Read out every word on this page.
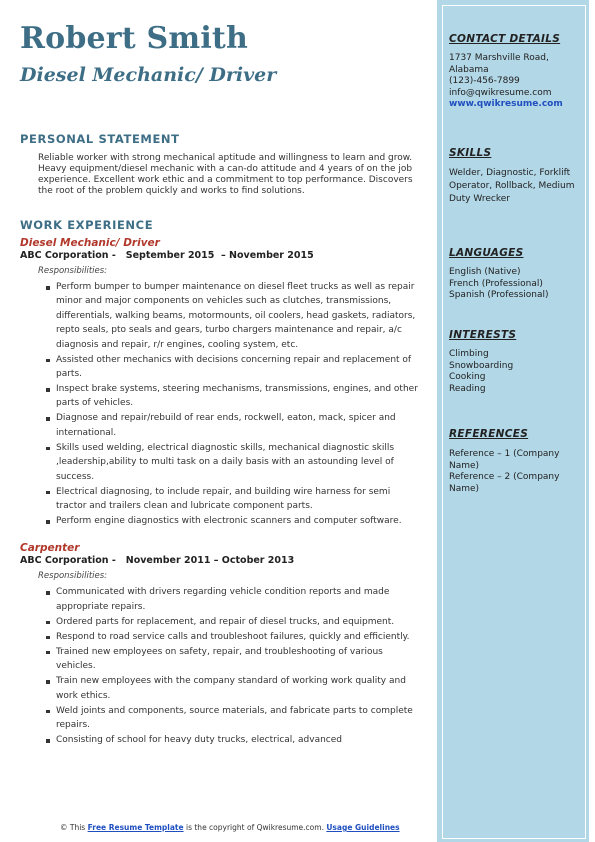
Robert Smith
Diesel Mechanic/ Driver
PERSONAL STATEMENT
Reliable worker with strong mechanical aptitude and willingness to learn and grow. Heavy equipment/diesel mechanic with a can-do attitude and 4 years of on the job experience. Excellent work ethic and a commitment to top performance. Discovers the root of the problem quickly and works to find solutions.
WORK EXPERIENCE
Diesel Mechanic/ Driver
ABC Corporation -   September 2015  – November 2015
Responsibilities:
Perform bumper to bumper maintenance on diesel fleet trucks as well as repair minor and major components on vehicles such as clutches, transmissions, differentials, walking beams, motormounts, oil coolers, head gaskets, radiators, repto seals, pto seals and gears, turbo chargers maintenance and repair, a/c diagnosis and repair, r/r engines, cooling system, etc.
Assisted other mechanics with decisions concerning repair and replacement of parts.
Inspect brake systems, steering mechanisms, transmissions, engines, and other parts of vehicles.
Diagnose and repair/rebuild of rear ends, rockwell, eaton, mack, spicer and international.
Skills used welding, electrical diagnostic skills, mechanical diagnostic skills ,leadership,ability to multi task on a daily basis with an astounding level of success.
Electrical diagnosing, to include repair, and building wire harness for semi tractor and trailers clean and lubricate component parts.
Perform engine diagnostics with electronic scanners and computer software.
Carpenter
ABC Corporation -   November 2011 – October 2013
Responsibilities:
Communicated with drivers regarding vehicle condition reports and made appropriate repairs.
Ordered parts for replacement, and repair of diesel trucks, and equipment.
Respond to road service calls and troubleshoot failures, quickly and efficiently.
Trained new employees on safety, repair, and troubleshooting of various vehicles.
Train new employees with the company standard of working work quality and work ethics.
Weld joints and components, source materials, and fabricate parts to complete repairs.
Consisting of school for heavy duty trucks, electrical, advanced
CONTACT DETAILS
1737 Marshville Road,
Alabama
(123)-456-7899
info@qwikresume.com
www.qwikresume.com
SKILLS
Welder, Diagnostic, Forklift Operator, Rollback, Medium Duty Wrecker
LANGUAGES
English (Native)
French (Professional)
Spanish (Professional)
INTERESTS
Climbing
Snowboarding
Cooking
Reading
REFERENCES
Reference – 1 (Company Name)
Reference – 2 (Company Name)
© This Free Resume Template is the copyright of Qwikresume.com. Usage Guidelines
